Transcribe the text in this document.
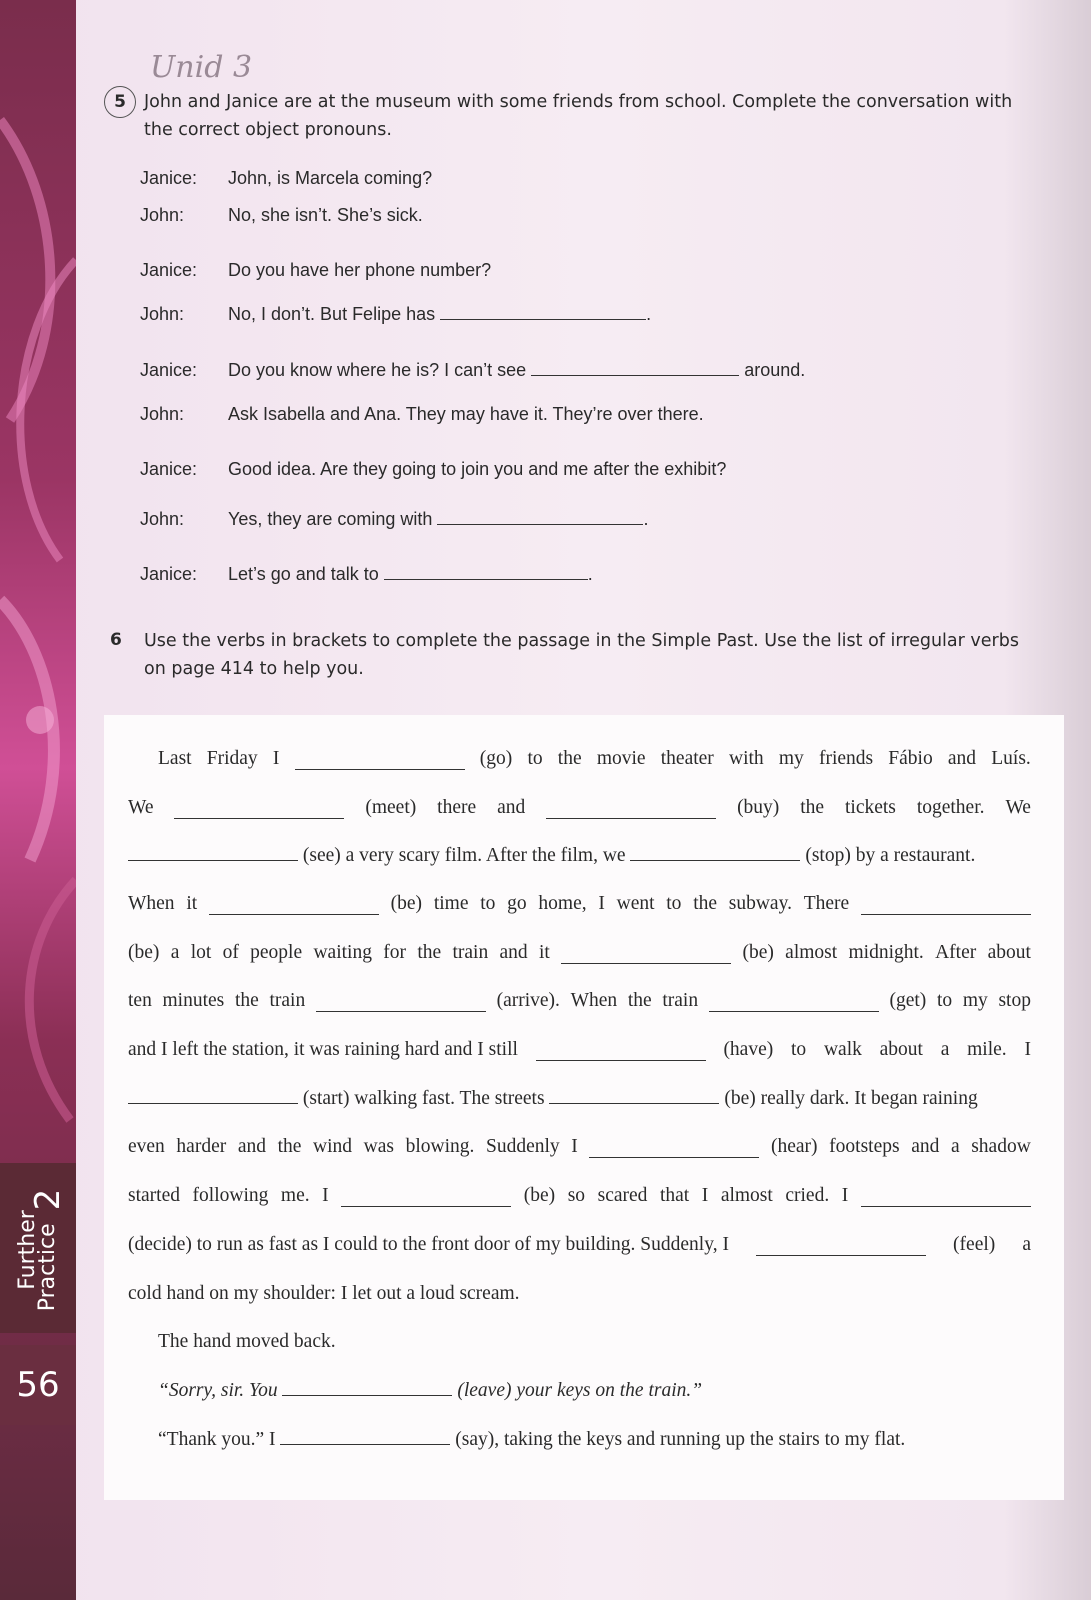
Further
Practice 2
56
Unid 3
5	John and Janice are at the museum with some friends from school. Complete the conversation with
the correct object pronouns.
Janice: John, is Marcela coming?
John: No, she isn’t. She’s sick.
Janice: Do you have her phone number?
John: No, I don’t. But Felipe has	.
Janice: Do you know where he is? I can’t see	around.
John: Ask Isabella and Ana. They may have it. They’re over there.
Janice: Good idea. Are they going to join you and me after the exhibit?
John: Yes, they are coming with	.
Janice: Let’s go and talk to	.
6 Use the verbs in brackets to complete the passage in the Simple Past. Use the list of irregular verbs
on page 414 to help you.
Last Friday I	(go) to the movie theater with my friends Fábio and Luís.
We	(meet) there and	(buy) the tickets together. We
(see) a very scary film. After the film, we	(stop) by a restaurant.
When it	(be) time to go home, I went to the subway. There
(be) a lot of people waiting for the train and it	(be) almost midnight. After about
ten minutes the train	(arrive). When the train	(get) to my stop
and I left the station, it was raining hard and I still	(have) to walk about a mile. I
(start) walking fast. The streets	(be) really dark. It began raining
even harder and the wind was blowing. Suddenly I	(hear) footsteps and a shadow
started following me. I	(be) so scared that I almost cried. I
(decide) to run as fast as I could to the front door of my building. Suddenly, I	(feel) a
cold hand on my shoulder: I let out a loud scream.
The hand moved back.
“Sorry, sir. You	(leave) your keys on the train.”
“Thank you.” I	(say), taking the keys and running up the stairs to my flat.
